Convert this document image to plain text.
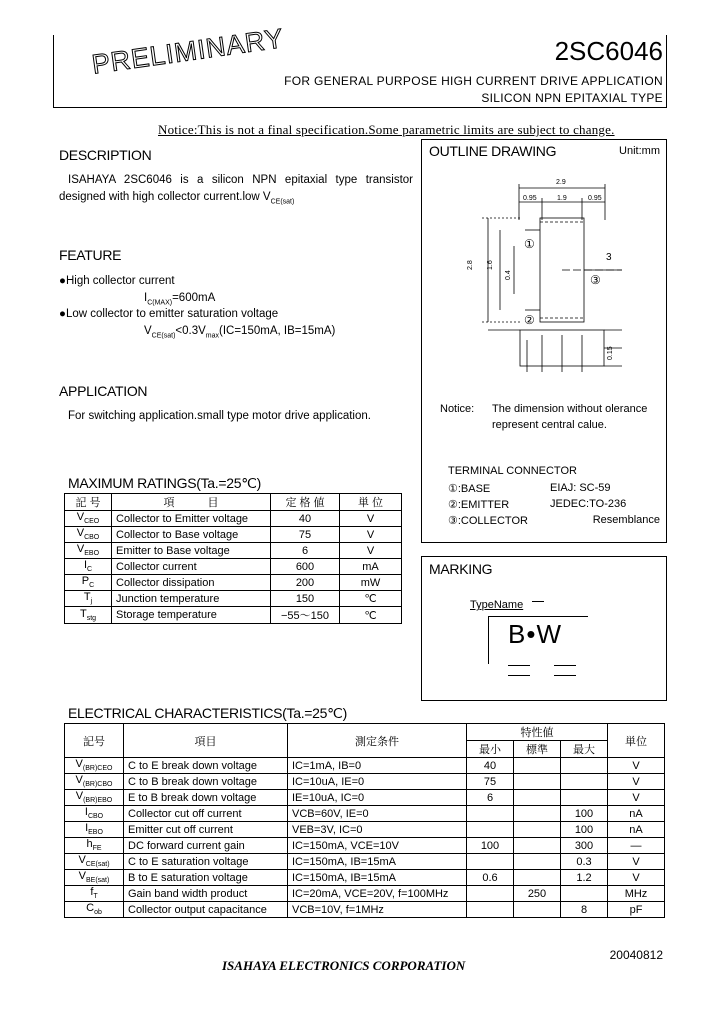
PRELIMINARY	2SC6046
FOR GENERAL PURPOSE HIGH CURRENT DRIVE APPLICATION
SILICON NPN EPITAXIAL TYPE
Notice:This is not a final specification.Some parametric limits are subject to change.
DESCRIPTION
ISAHAYA 2SC6046 is a silicon NPN epitaxial type transistor
designed with high collector current.low $V_{CE(sat)}$
FEATURE
●High collector current
$I_{C(MAX)}=600mA$
●Low collector to emitter saturation voltage
$V_{CE(sat)}<0.3V_{max}(IC=150mA$, IB=15mA)
APPLICATION
For switching application.small type motor drive application.
OUTLINE DRAWING	Unit:mm
2.9
0.95	1.9	0.95
2.8 1.6
0.4
0.15
①
②
③
3
Notice: The dimension without olerance
represent central calue.
TERMINAL CONNECTOR
①:BASE
②:EMITTER
③:COLLECTOR
EIAJ: SC-59
JEDEC:TO-236
Resemblance
MARKING
TypeName
B•W
MAXIMUM RATINGS(Ta.=25℃)
記 号	項　　　目	定 格 値	単 位
$V_{CEO}$	Collector to Emitter voltage	40	V
$V_{CBO}$	Collector to Base voltage	75	V
$V_{EBO}$	Emitter to Base voltage	6	V
$I_C$	Collector current	600	mA
$P_C$	Collector dissipation	200	mW
$T_j$	Junction temperature	150	℃
$T_{stg}$	Storage temperature	−55～150	℃
ELECTRICAL CHARACTERISTICS(Ta.=25℃)
記号	項目	測定条件	特性値			単位
			最小	標準	最大	
$V_{(BR)CEO}$	C to E break down voltage	IC=1mA, IB=0	40			V
$V_{(BR)CBO}$	C to B break down voltage	IC=10uA, IE=0	75			V
$V_{(BR)EBO}$	E to B break down voltage	IE=10uA, IC=0	6			V
$I_{CBO}$	Collector cut off current	VCB=60V, IE=0			100	nA
$I_{EBO}$	Emitter cut off current	VEB=3V, IC=0			100	nA
$h_{FE}$	DC forward current gain	IC=150mA, VCE=10V	100		300	—
$V_{CE(sat)}$	C to E saturation voltage	IC=150mA, IB=15mA			0.3	V
$V_{BE(sat)}$	B to E saturation voltage	IC=150mA, IB=15mA	0.6		1.2	V
$f_T$	Gain band width product	IC=20mA, VCE=20V, f=100MHz		250		MHz
$C_{ob}$	Collector output capacitance	VCB=10V, f=1MHz			8	pF
ISAHAYA ELECTRONICS CORPORATION
20040812
